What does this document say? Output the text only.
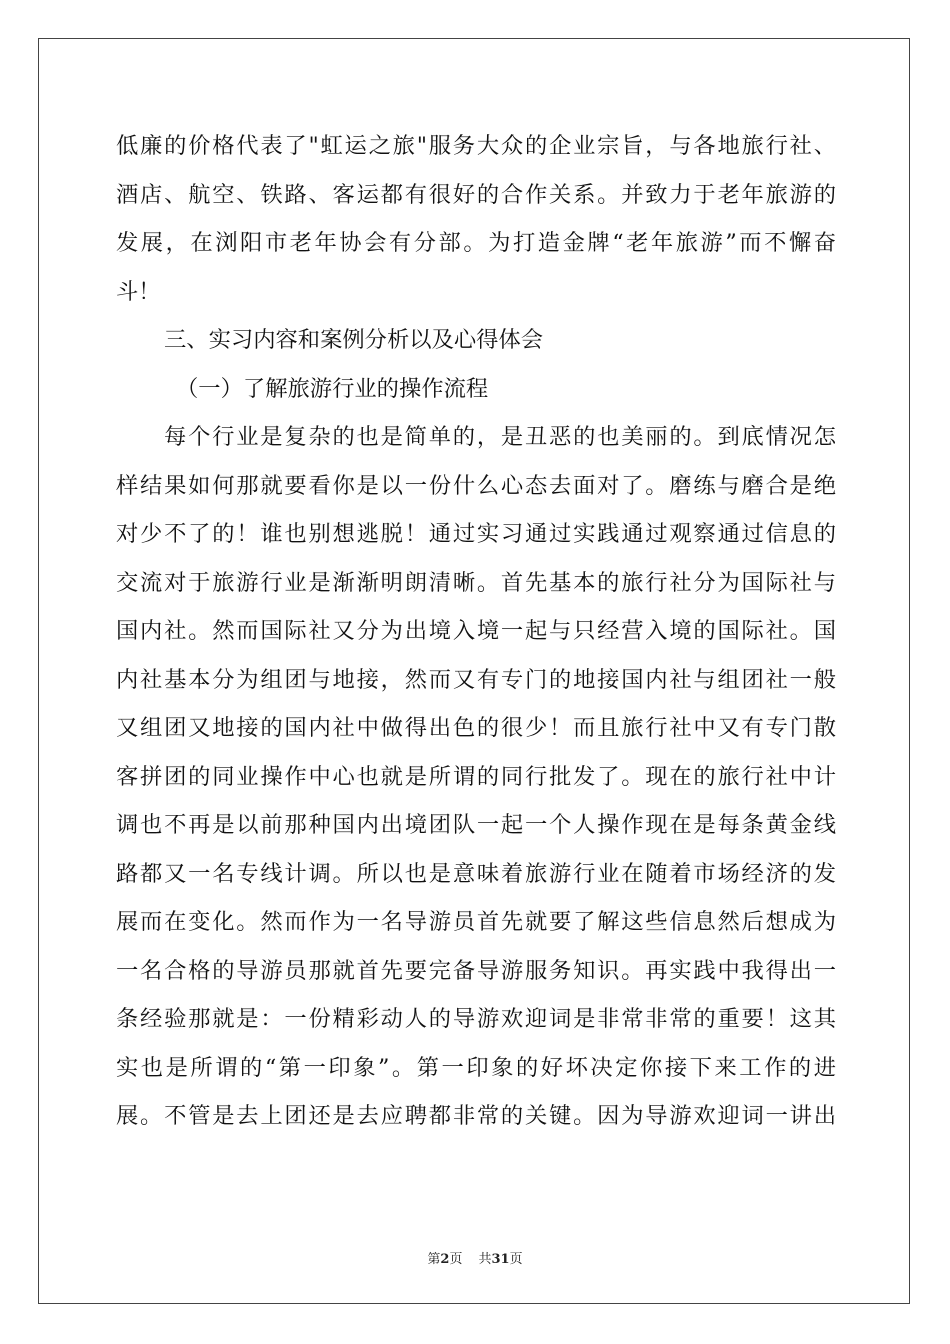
低廉的价格代表了"虹运之旅"服务大众的企业宗旨，与各地旅行社、
酒店、航空、铁路、客运都有很好的合作关系。并致力于老年旅游的
发展，在浏阳市老年协会有分部。为打造金牌“老年旅游”而不懈奋
斗！
三、实习内容和案例分析以及心得体会
（一）了解旅游行业的操作流程
每个行业是复杂的也是简单的，是丑恶的也美丽的。到底情况怎
样结果如何那就要看你是以一份什么心态去面对了。磨练与磨合是绝
对少不了的！谁也别想逃脱！通过实习通过实践通过观察通过信息的
交流对于旅游行业是渐渐明朗清晰。首先基本的旅行社分为国际社与
国内社。然而国际社又分为出境入境一起与只经营入境的国际社。国
内社基本分为组团与地接，然而又有专门的地接国内社与组团社一般
又组团又地接的国内社中做得出色的很少！而且旅行社中又有专门散
客拼团的同业操作中心也就是所谓的同行批发了。现在的旅行社中计
调也不再是以前那种国内出境团队一起一个人操作现在是每条黄金线
路都又一名专线计调。所以也是意味着旅游行业在随着市场经济的发
展而在变化。然而作为一名导游员首先就要了解这些信息然后想成为
一名合格的导游员那就首先要完备导游服务知识。再实践中我得出一
条经验那就是：一份精彩动人的导游欢迎词是非常非常的重要！这其
实也是所谓的“第一印象”。第一印象的好坏决定你接下来工作的进
展。不管是去上团还是去应聘都非常的关键。因为导游欢迎词一讲出
第2页 共31页
